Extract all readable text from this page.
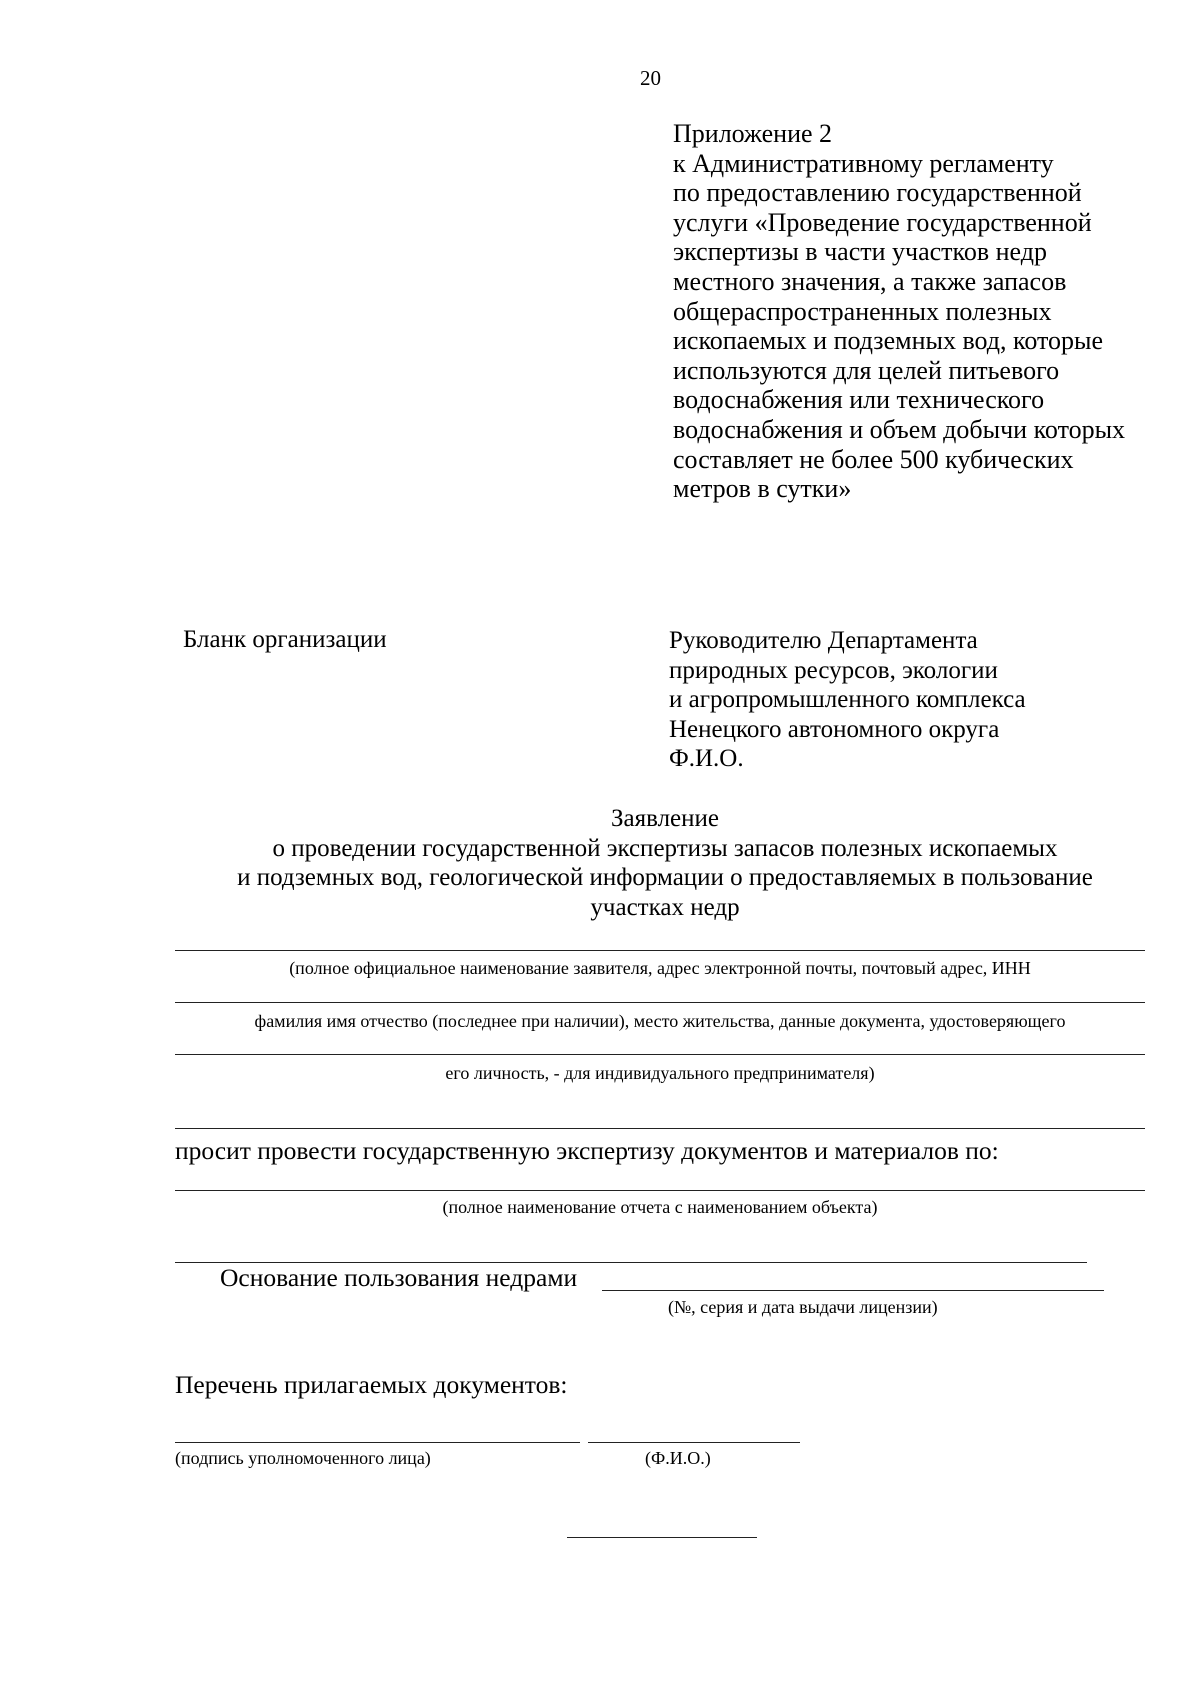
20
Приложение 2
к Административному регламенту
по предоставлению государственной
услуги «Проведение государственной
экспертизы в части участков недр
местного значения, а также запасов
общераспространенных полезных
ископаемых и подземных вод, которые
используются для целей питьевого
водоснабжения или технического
водоснабжения и объем добычи которых
составляет не более 500 кубических
метров в сутки»
Бланк организации	Руководителю Департамента
природных ресурсов, экологии
и агропромышленного комплекса
Ненецкого автономного округа
Ф.И.О.
Заявление
о проведении государственной экспертизы запасов полезных ископаемых
и подземных вод, геологической информации о предоставляемых в пользование
участках недр
(полное официальное наименование заявителя, адрес электронной почты, почтовый адрес, ИНН
фамилия имя отчество (последнее при наличии), место жительства, данные документа, удостоверяющего
его личность, - для индивидуального предпринимателя)
просит провести государственную экспертизу документов и материалов по:
(полное наименование отчета с наименованием объекта)
Основание пользования недрами
(№, серия и дата выдачи лицензии)
Перечень прилагаемых документов:
(подпись уполномоченного лица)	(Ф.И.О.)
